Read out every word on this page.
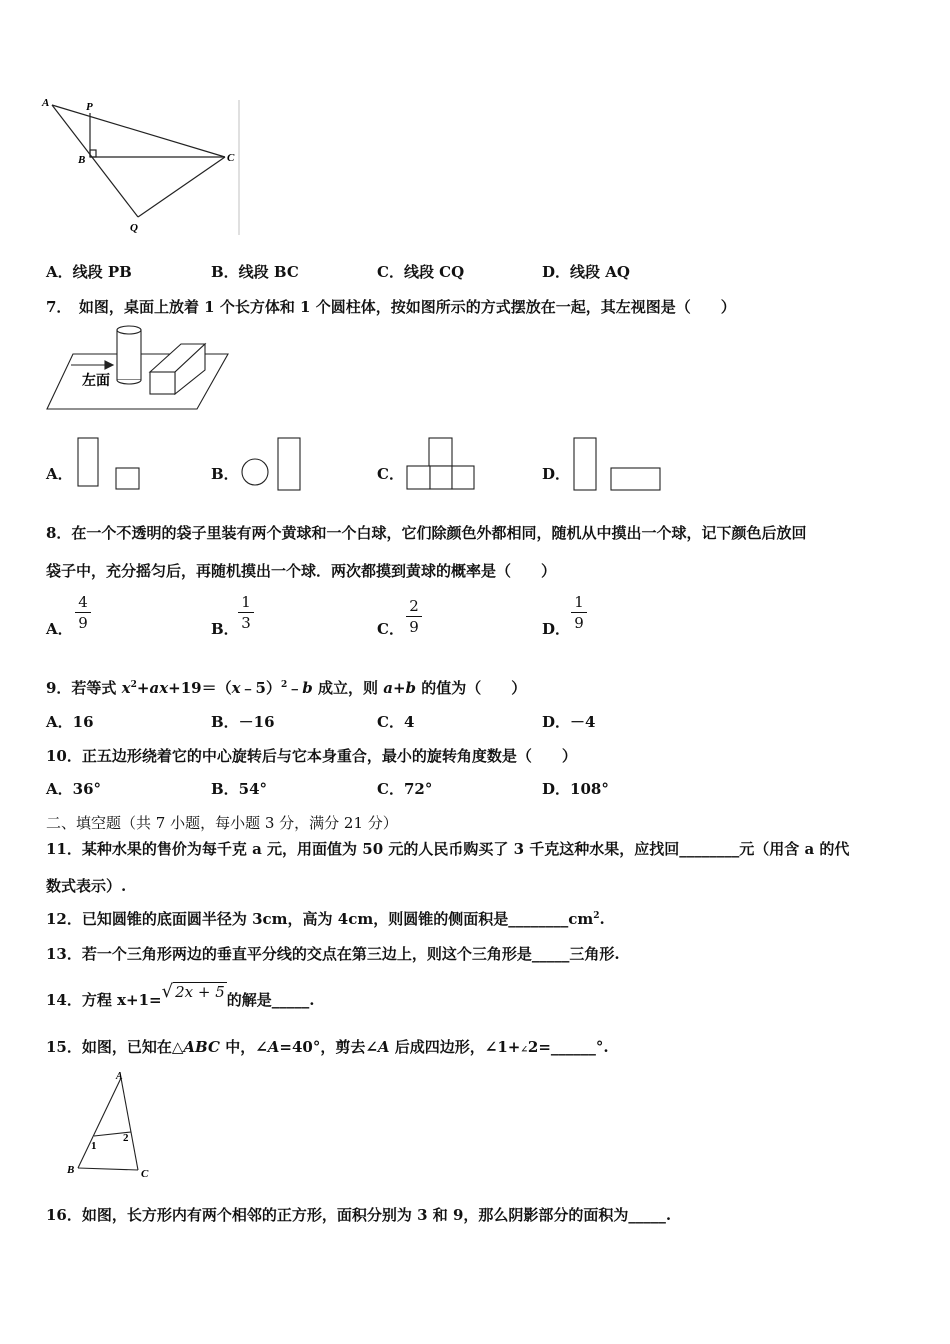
A	P
B	C
Q
A．线段 PB	B．线段 BC	C．线段 CQ	D．线段 AQ
7．　如图，桌面上放着 1 个长方体和 1 个圆柱体，按如图所示的方式摆放在一起，其左视图是（　　）
左面
A．	B．	C．	D．
8．在一个不透明的袋子里装有两个黄球和一个白球，它们除颜色外都相同，随机从中摸出一个球，记下颜色后放回
袋子中，充分摇匀后，再随机摸出一个球．两次都摸到黄球的概率是（　　）
A．
4
9	B．
1
3	C．
2
9	D．
1
9
9．若等式 $x^2+ax+19=(x﹣5)^2﹣b$ 成立，则 a+b 的值为（　　）
A．16	B．－16	C．4	D．－4
10．正五边形绕着它的中心旋转后与它本身重合，最小的旋转角度数是（　　）
A．36°	B．54°	C．72°	D．108°
二、填空题（共 7 小题，每小题 3 分，满分 21 分）
11．某种水果的售价为每千克 a 元，用面值为 50 元的人民币购买了 3 千克这种水果，应找回________元（用含 a 的代
数式表示）.
12．已知圆锥的底面圆半径为 3cm，高为 4cm，则圆锥的侧面积是$\_\_\_\_\_\_\_\_cm^2$.
13．若一个三角形两边的垂直平分线的交点在第三边上，则这个三角形是_____三角形.
14．方程 x+1=√ 2x + 5 的解是_____.
15．如图，已知在△ABC 中，∠A=40°，剪去∠A 后成四边形，∠1+∠2=______°.
A
B	C
1
2
16．如图，长方形内有两个相邻的正方形，面积分别为 3 和 9，那么阴影部分的面积为_____.
